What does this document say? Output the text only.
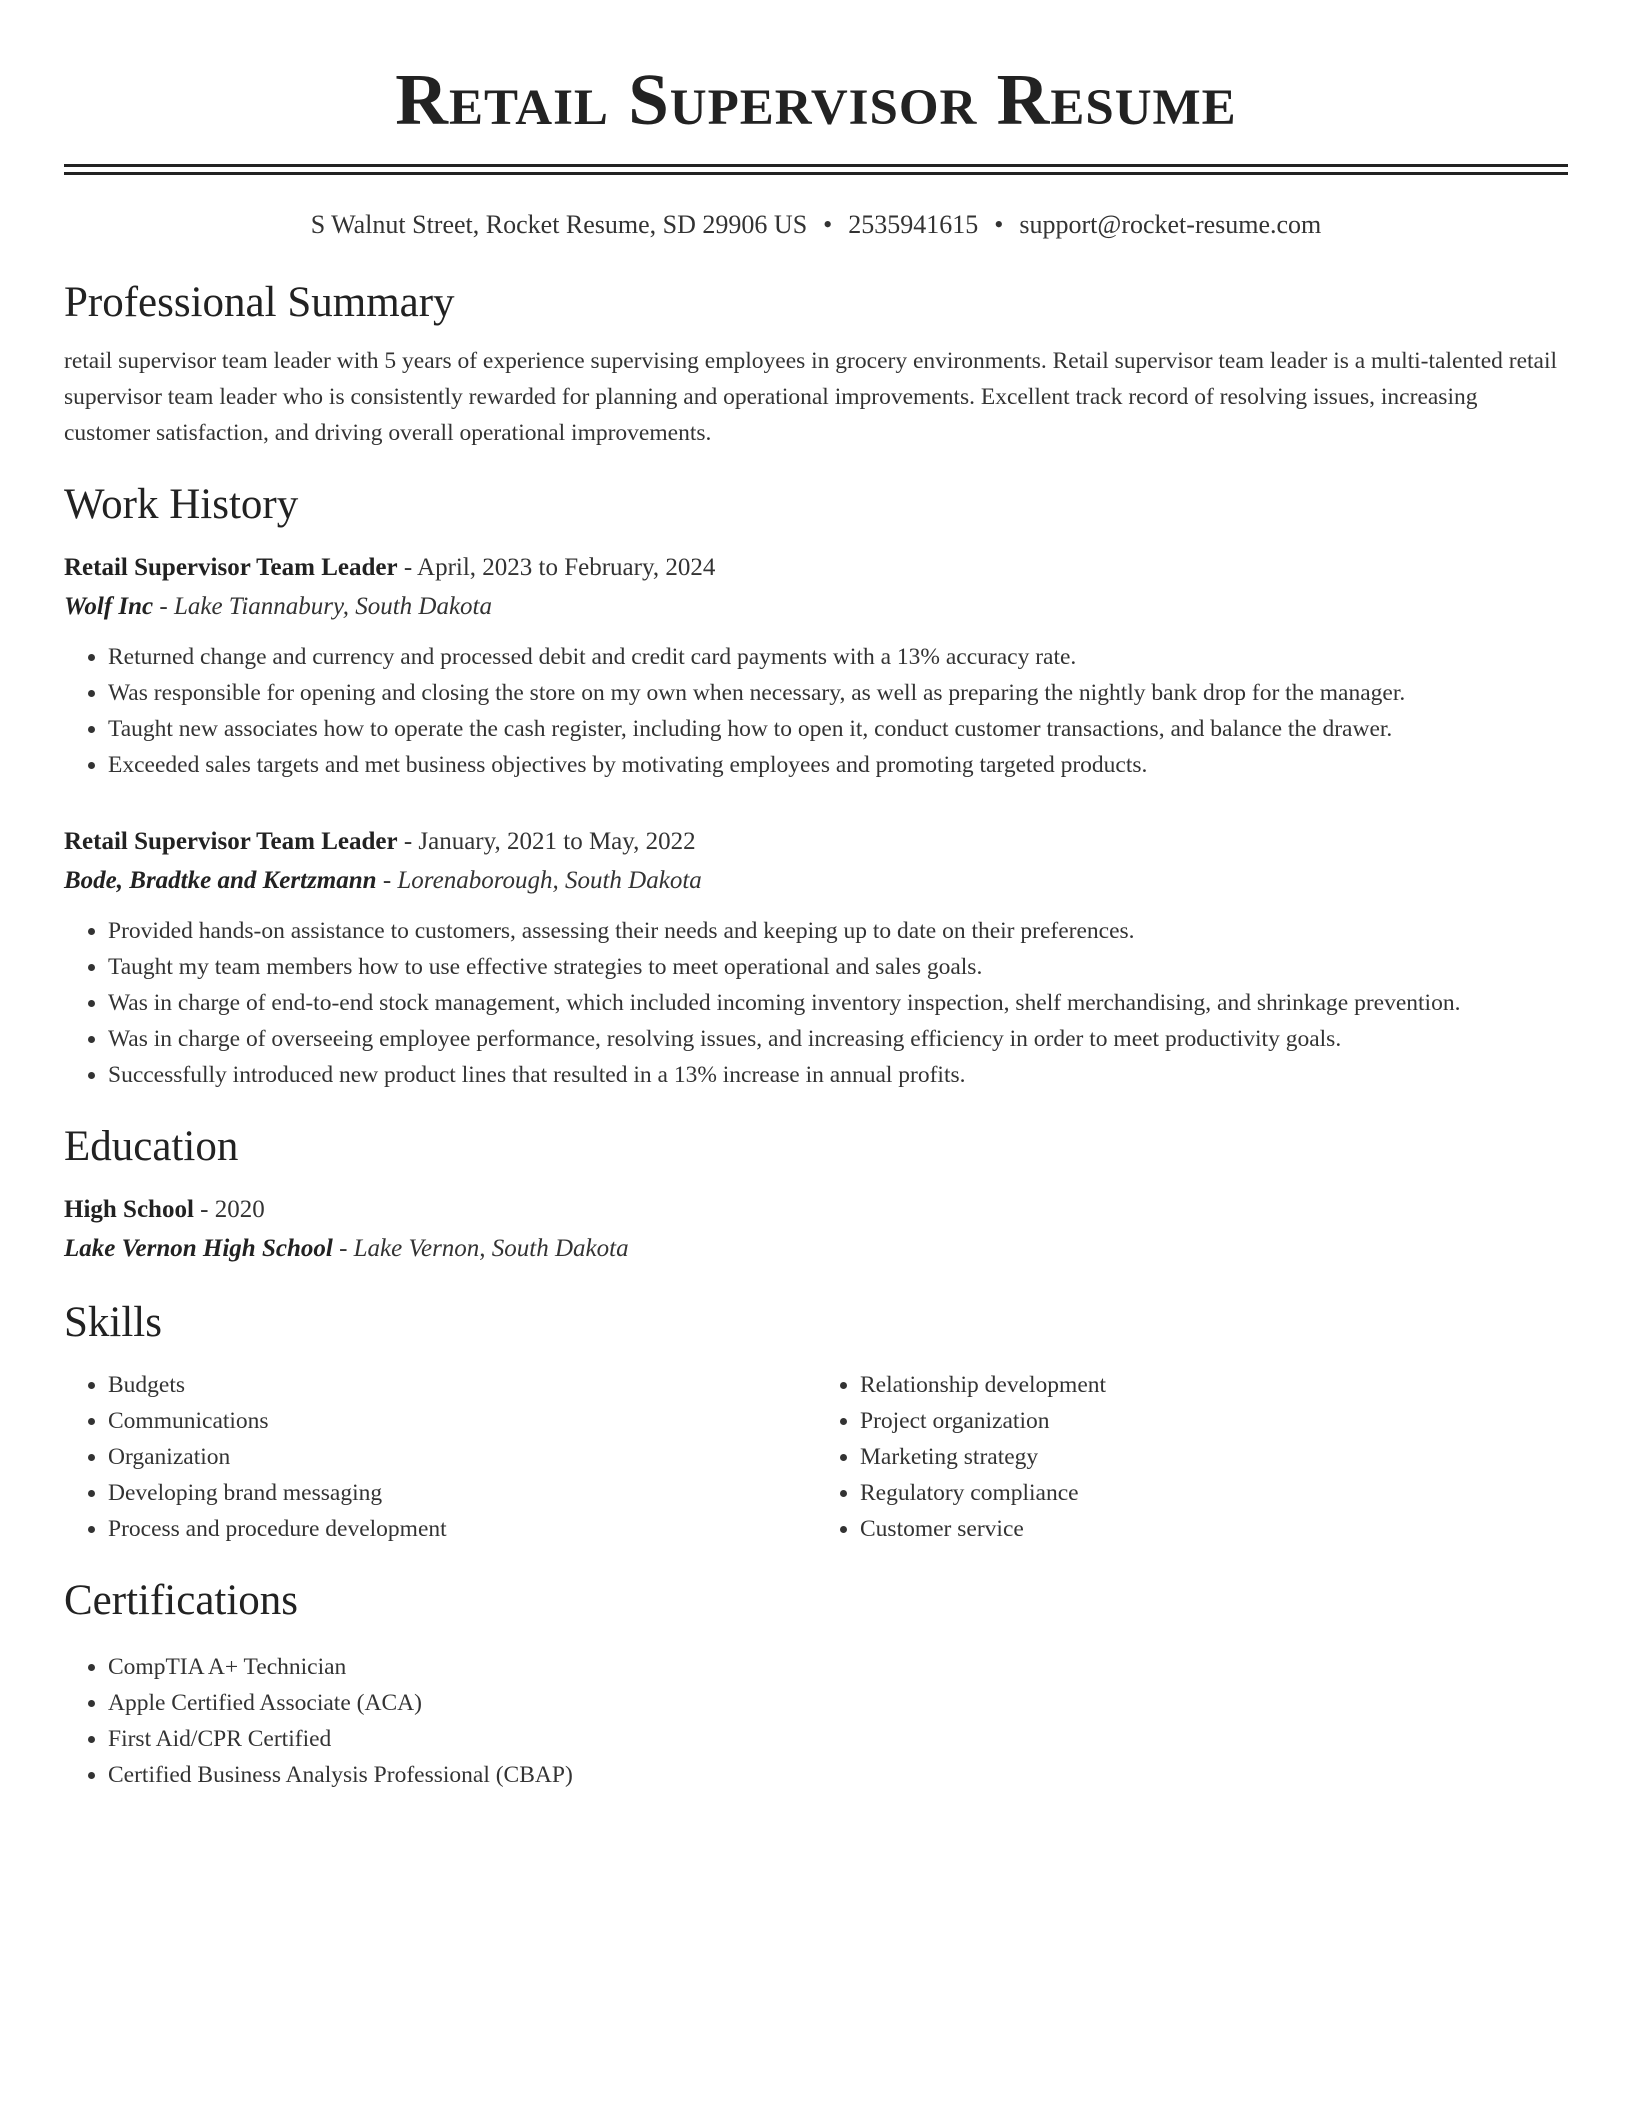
Retail Supervisor Resume
S Walnut Street, Rocket Resume, SD 29906 US • 2535941615 • support@rocket-resume.com
Professional Summary
retail supervisor team leader with 5 years of experience supervising employees in grocery environments. Retail supervisor team leader is a multi-talented retail supervisor team leader who is consistently rewarded for planning and operational improvements. Excellent track record of resolving issues, increasing customer satisfaction, and driving overall operational improvements.
Work History
Retail Supervisor Team Leader - April, 2023 to February, 2024
Wolf Inc - Lake Tiannabury, South Dakota
• Returned change and currency and processed debit and credit card payments with a 13% accuracy rate.
• Was responsible for opening and closing the store on my own when necessary, as well as preparing the nightly bank drop for the manager.
• Taught new associates how to operate the cash register, including how to open it, conduct customer transactions, and balance the drawer.
• Exceeded sales targets and met business objectives by motivating employees and promoting targeted products.
Retail Supervisor Team Leader - January, 2021 to May, 2022
Bode, Bradtke and Kertzmann - Lorenaborough, South Dakota
• Provided hands-on assistance to customers, assessing their needs and keeping up to date on their preferences.
• Taught my team members how to use effective strategies to meet operational and sales goals.
• Was in charge of end-to-end stock management, which included incoming inventory inspection, shelf merchandising, and shrinkage prevention.
• Was in charge of overseeing employee performance, resolving issues, and increasing efficiency in order to meet productivity goals.
• Successfully introduced new product lines that resulted in a 13% increase in annual profits.
Education
High School - 2020
Lake Vernon High School - Lake Vernon, South Dakota
Skills
• Budgets
• Communications
• Organization
• Developing brand messaging
• Process and procedure development
• Relationship development
• Project organization
• Marketing strategy
• Regulatory compliance
• Customer service
Certifications
• CompTIA A+ Technician
• Apple Certified Associate (ACA)
• First Aid/CPR Certified
• Certified Business Analysis Professional (CBAP)
